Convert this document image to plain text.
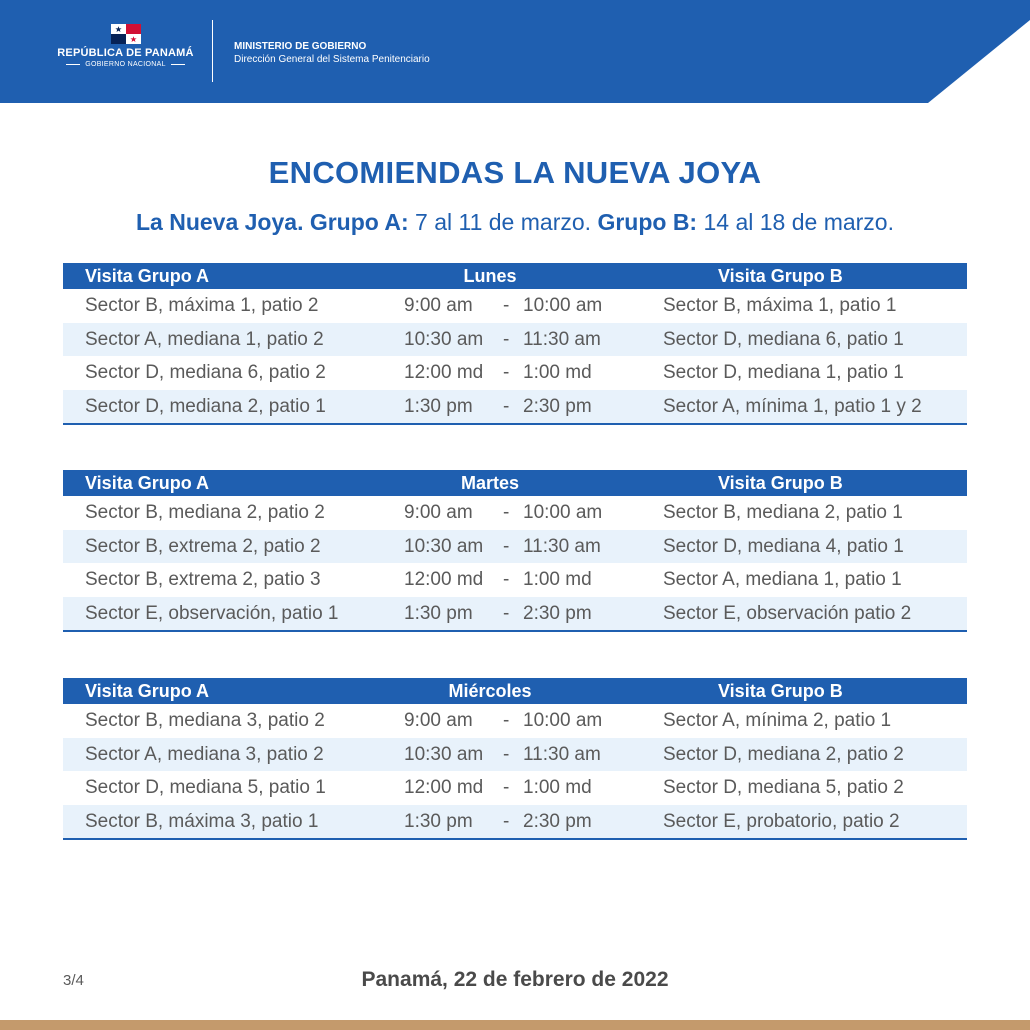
REPÚBLICA DE PANAMÁ
GOBIERNO NACIONAL
MINISTERIO DE GOBIERNO
Dirección General del Sistema Penitenciario
ENCOMIENDAS LA NUEVA JOYA
La Nueva Joya. Grupo A: 7 al 11 de marzo. Grupo B: 14 al 18 de marzo.
Visita Grupo A	Lunes	Visita Grupo B
Sector B, máxima 1, patio 2	9:00 am - 10:00 am	Sector B, máxima 1, patio 1
Sector A, mediana 1, patio 2	10:30 am - 11:30 am	Sector D, mediana 6, patio 1
Sector D, mediana 6, patio 2	12:00 md - 1:00 md	Sector D, mediana 1, patio 1
Sector D, mediana 2, patio 1	1:30 pm - 2:30 pm	Sector A, mínima 1, patio 1 y 2
Visita Grupo A	Martes	Visita Grupo B
Sector B, mediana 2, patio 2	9:00 am - 10:00 am	Sector B, mediana 2, patio 1
Sector B, extrema 2, patio 2	10:30 am - 11:30 am	Sector D, mediana 4, patio 1
Sector B, extrema 2, patio 3	12:00 md - 1:00 md	Sector A, mediana 1, patio 1
Sector E, observación, patio 1	1:30 pm - 2:30 pm	Sector E, observación patio 2
Visita Grupo A	Miércoles	Visita Grupo B
Sector B, mediana 3, patio 2	9:00 am - 10:00 am	Sector A, mínima 2, patio 1
Sector A, mediana 3, patio 2	10:30 am - 11:30 am	Sector D, mediana 2, patio 2
Sector D, mediana 5, patio 1	12:00 md - 1:00 md	Sector D, mediana 5, patio 2
Sector B, máxima 3, patio 1	1:30 pm - 2:30 pm	Sector E, probatorio, patio 2
3/4	Panamá, 22 de febrero de 2022
